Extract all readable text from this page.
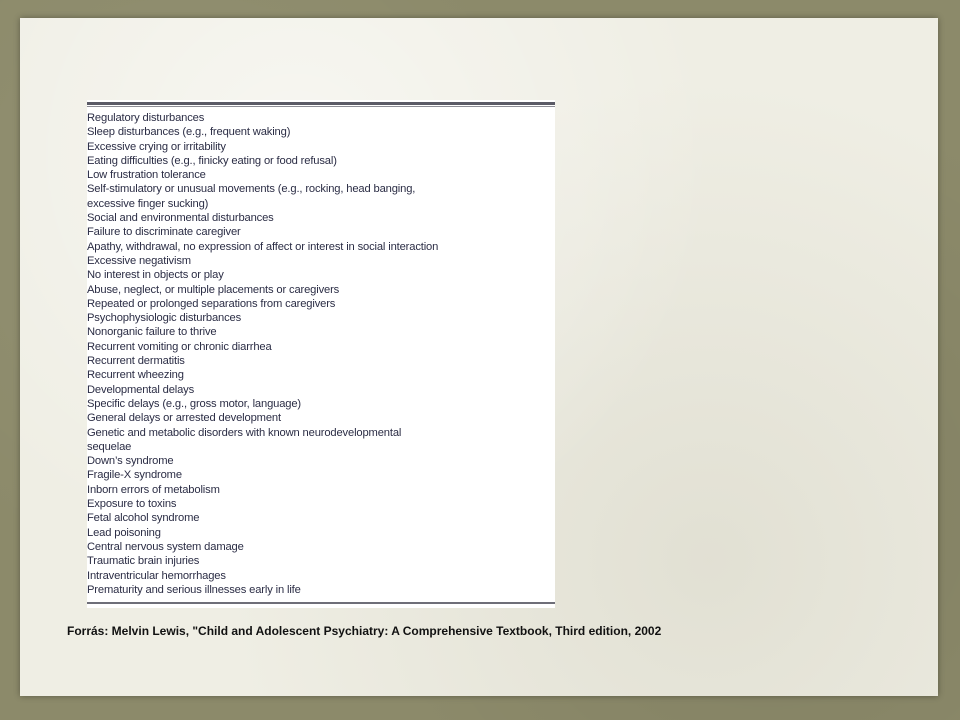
Regulatory disturbances
Sleep disturbances (e.g., frequent waking)
Excessive crying or irritability
Eating difficulties (e.g., finicky eating or food refusal)
Low frustration tolerance
Self-stimulatory or unusual movements (e.g., rocking, head banging,
excessive finger sucking)
Social and environmental disturbances
Failure to discriminate caregiver
Apathy, withdrawal, no expression of affect or interest in social interaction
Excessive negativism
No interest in objects or play
Abuse, neglect, or multiple placements or caregivers
Repeated or prolonged separations from caregivers
Psychophysiologic disturbances
Nonorganic failure to thrive
Recurrent vomiting or chronic diarrhea
Recurrent dermatitis
Recurrent wheezing
Developmental delays
Specific delays (e.g., gross motor, language)
General delays or arrested development
Genetic and metabolic disorders with known neurodevelopmental
sequelae
Down’s syndrome
Fragile-X syndrome
Inborn errors of metabolism
Exposure to toxins
Fetal alcohol syndrome
Lead poisoning
Central nervous system damage
Traumatic brain injuries
Intraventricular hemorrhages
Prematurity and serious illnesses early in life
Forrás: Melvin Lewis, "Child and Adolescent Psychiatry: A Comprehensive Textbook, Third edition, 2002
